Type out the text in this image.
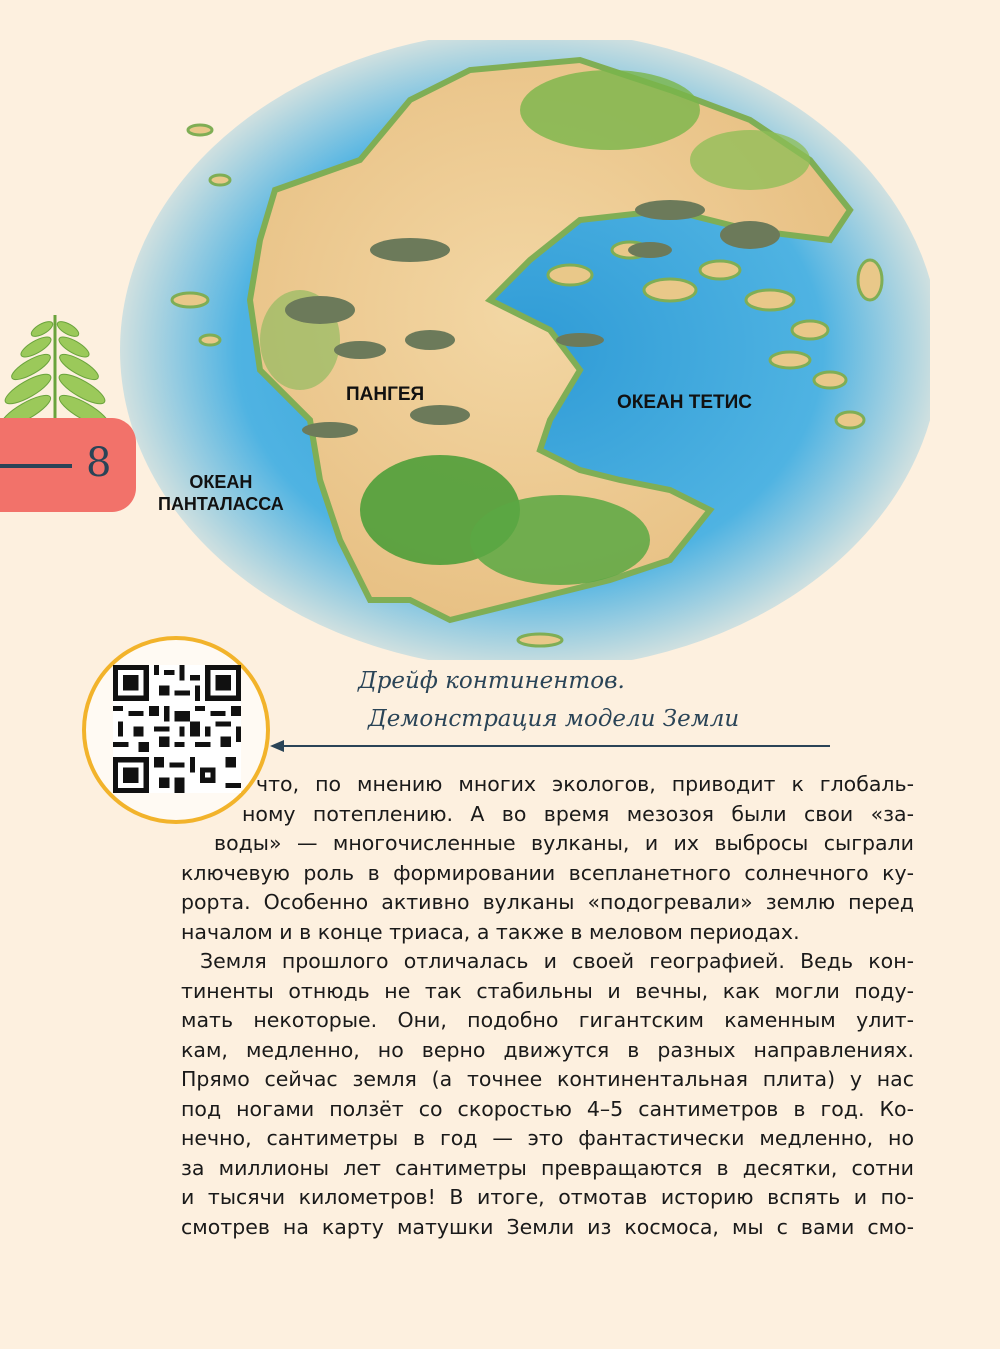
ПАНГЕЯ	ОКЕАН ТЕТИС
ОКЕАН
ПАНТАЛАССА
8
Дрейф континентов.
Демонстрация модели Земли
что, по мнению многих экологов, приводит к глобаль-
ному потеплению. А во время мезозоя были свои «за-
воды» — многочисленные вулканы, и их выбросы сыграли
ключевую роль в формировании всепланетного солнечного ку-
рорта. Особенно активно вулканы «подогревали» землю перед
началом и в конце триаса, а также в меловом периодах.
Земля прошлого отличалась и своей географией. Ведь кон-
тиненты отнюдь не так стабильны и вечны, как могли поду-
мать некоторые. Они, подобно гигантским каменным улит-
кам, медленно, но верно движутся в разных направлениях.
Прямо сейчас земля (а точнее континентальная плита) у нас
под ногами ползёт со скоростью 4–5 сантиметров в год. Ко-
нечно, сантиметры в год — это фантастически медленно, но
за миллионы лет сантиметры превращаются в десятки, сотни
и тысячи километров! В итоге, отмотав историю вспять и по-
смотрев на карту матушки Земли из космоса, мы с вами смо-
